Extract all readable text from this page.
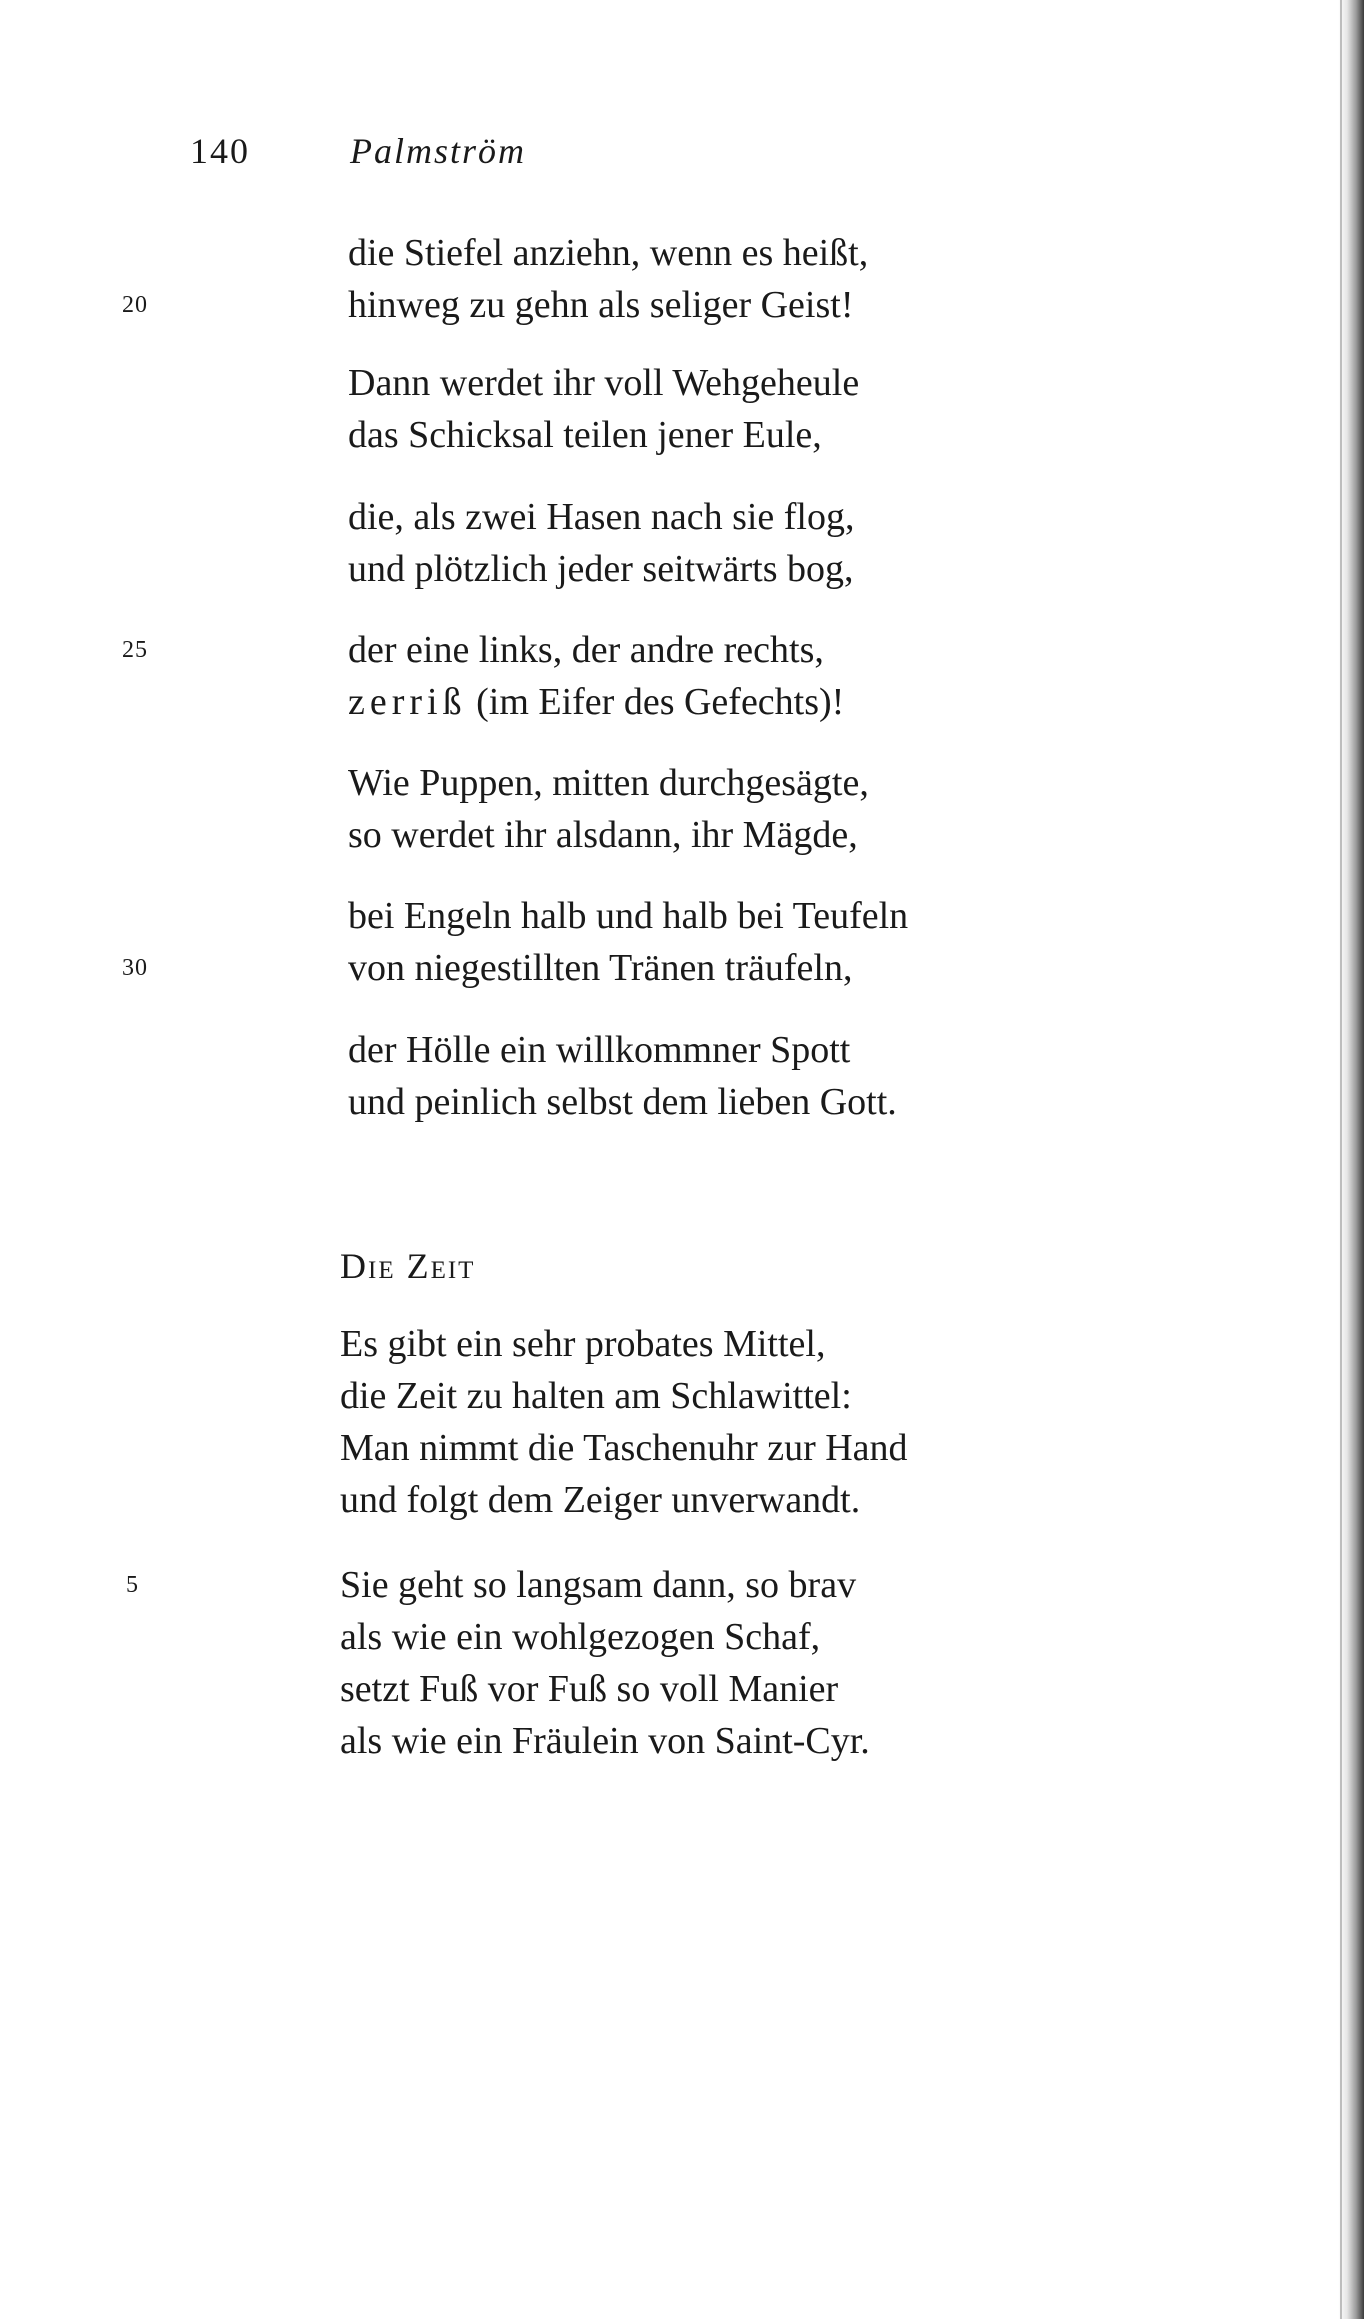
140	Palmström
die Stiefel anziehn, wenn es heißt,
20	hinweg zu gehn als seliger Geist!
Dann werdet ihr voll Wehgeheule
das Schicksal teilen jener Eule,
die, als zwei Hasen nach sie flog,
und plötzlich jeder seitwärts bog,
25	der eine links, der andre rechts,
zerriß (im Eifer des Gefechts)!
Wie Puppen, mitten durchgesägte,
so werdet ihr alsdann, ihr Mägde,
bei Engeln halb und halb bei Teufeln
30	von niegestillten Tränen träufeln,
der Hölle ein willkommner Spott
und peinlich selbst dem lieben Gott.
Die Zeit
Es gibt ein sehr probates Mittel,
die Zeit zu halten am Schlawittel:
Man nimmt die Taschenuhr zur Hand
und folgt dem Zeiger unverwandt.
5	Sie geht so langsam dann, so brav
als wie ein wohlgezogen Schaf,
setzt Fuß vor Fuß so voll Manier
als wie ein Fräulein von Saint-Cyr.
